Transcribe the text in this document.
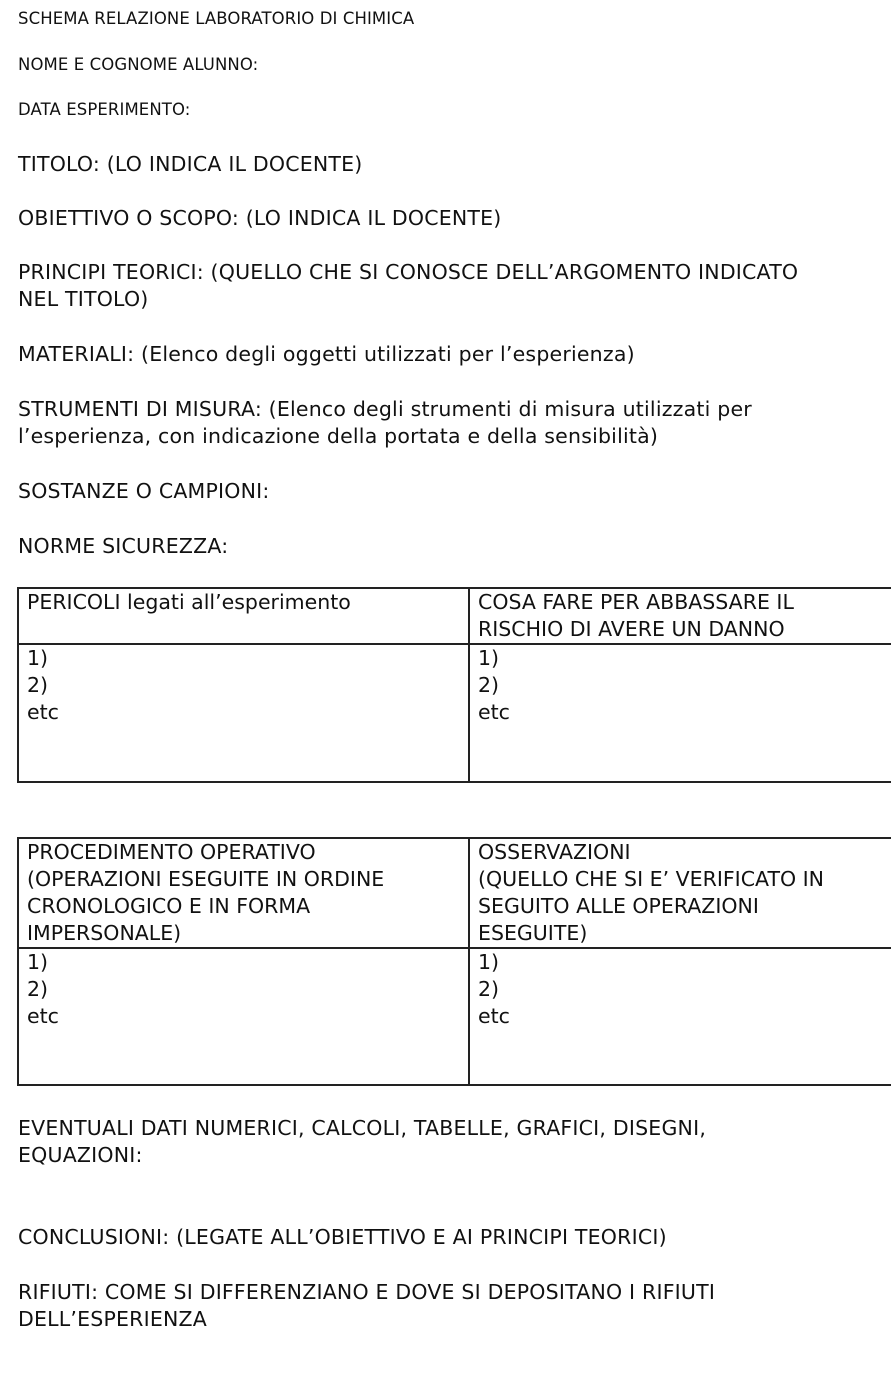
SCHEMA RELAZIONE LABORATORIO DI CHIMICA

NOME E COGNOME ALUNNO:

DATA ESPERIMENTO:

TITOLO: (LO INDICA IL DOCENTE)

OBIETTIVO O SCOPO: (LO INDICA IL DOCENTE)

PRINCIPI TEORICI: (QUELLO CHE SI CONOSCE DELL’ARGOMENTO INDICATO

NEL TITOLO)

MATERIALI: (Elenco degli oggetti utilizzati per l’esperienza)

STRUMENTI DI MISURA: (Elenco degli strumenti di misura utilizzati per

l’esperienza, con indicazione della portata e della sensibilità)

SOSTANZE O CAMPIONI:

NORME SICUREZZA:

PERICOLI legati all’esperimento	COSA FARE PER ABBASSARE IL
RISCHIO DI AVERE UN DANNO

1)
2)
etc	1)
2)
etc
PROCEDIMENTO OPERATIVO
(OPERAZIONI ESEGUITE IN ORDINE
CRONOLOGICO E IN FORMA
IMPERSONALE)	OSSERVAZIONI
(QUELLO CHE SI E’ VERIFICATO IN
SEGUITO ALLE OPERAZIONI
ESEGUITE)

1)
2)
etc	1)
2)
etc

EVENTUALI DATI NUMERICI, CALCOLI, TABELLE, GRAFICI, DISEGNI,

EQUAZIONI:

CONCLUSIONI: (LEGATE ALL’OBIETTIVO E AI PRINCIPI TEORICI)

RIFIUTI: COME SI DIFFERENZIANO E DOVE SI DEPOSITANO I RIFIUTI

DELL’ESPERIENZA
